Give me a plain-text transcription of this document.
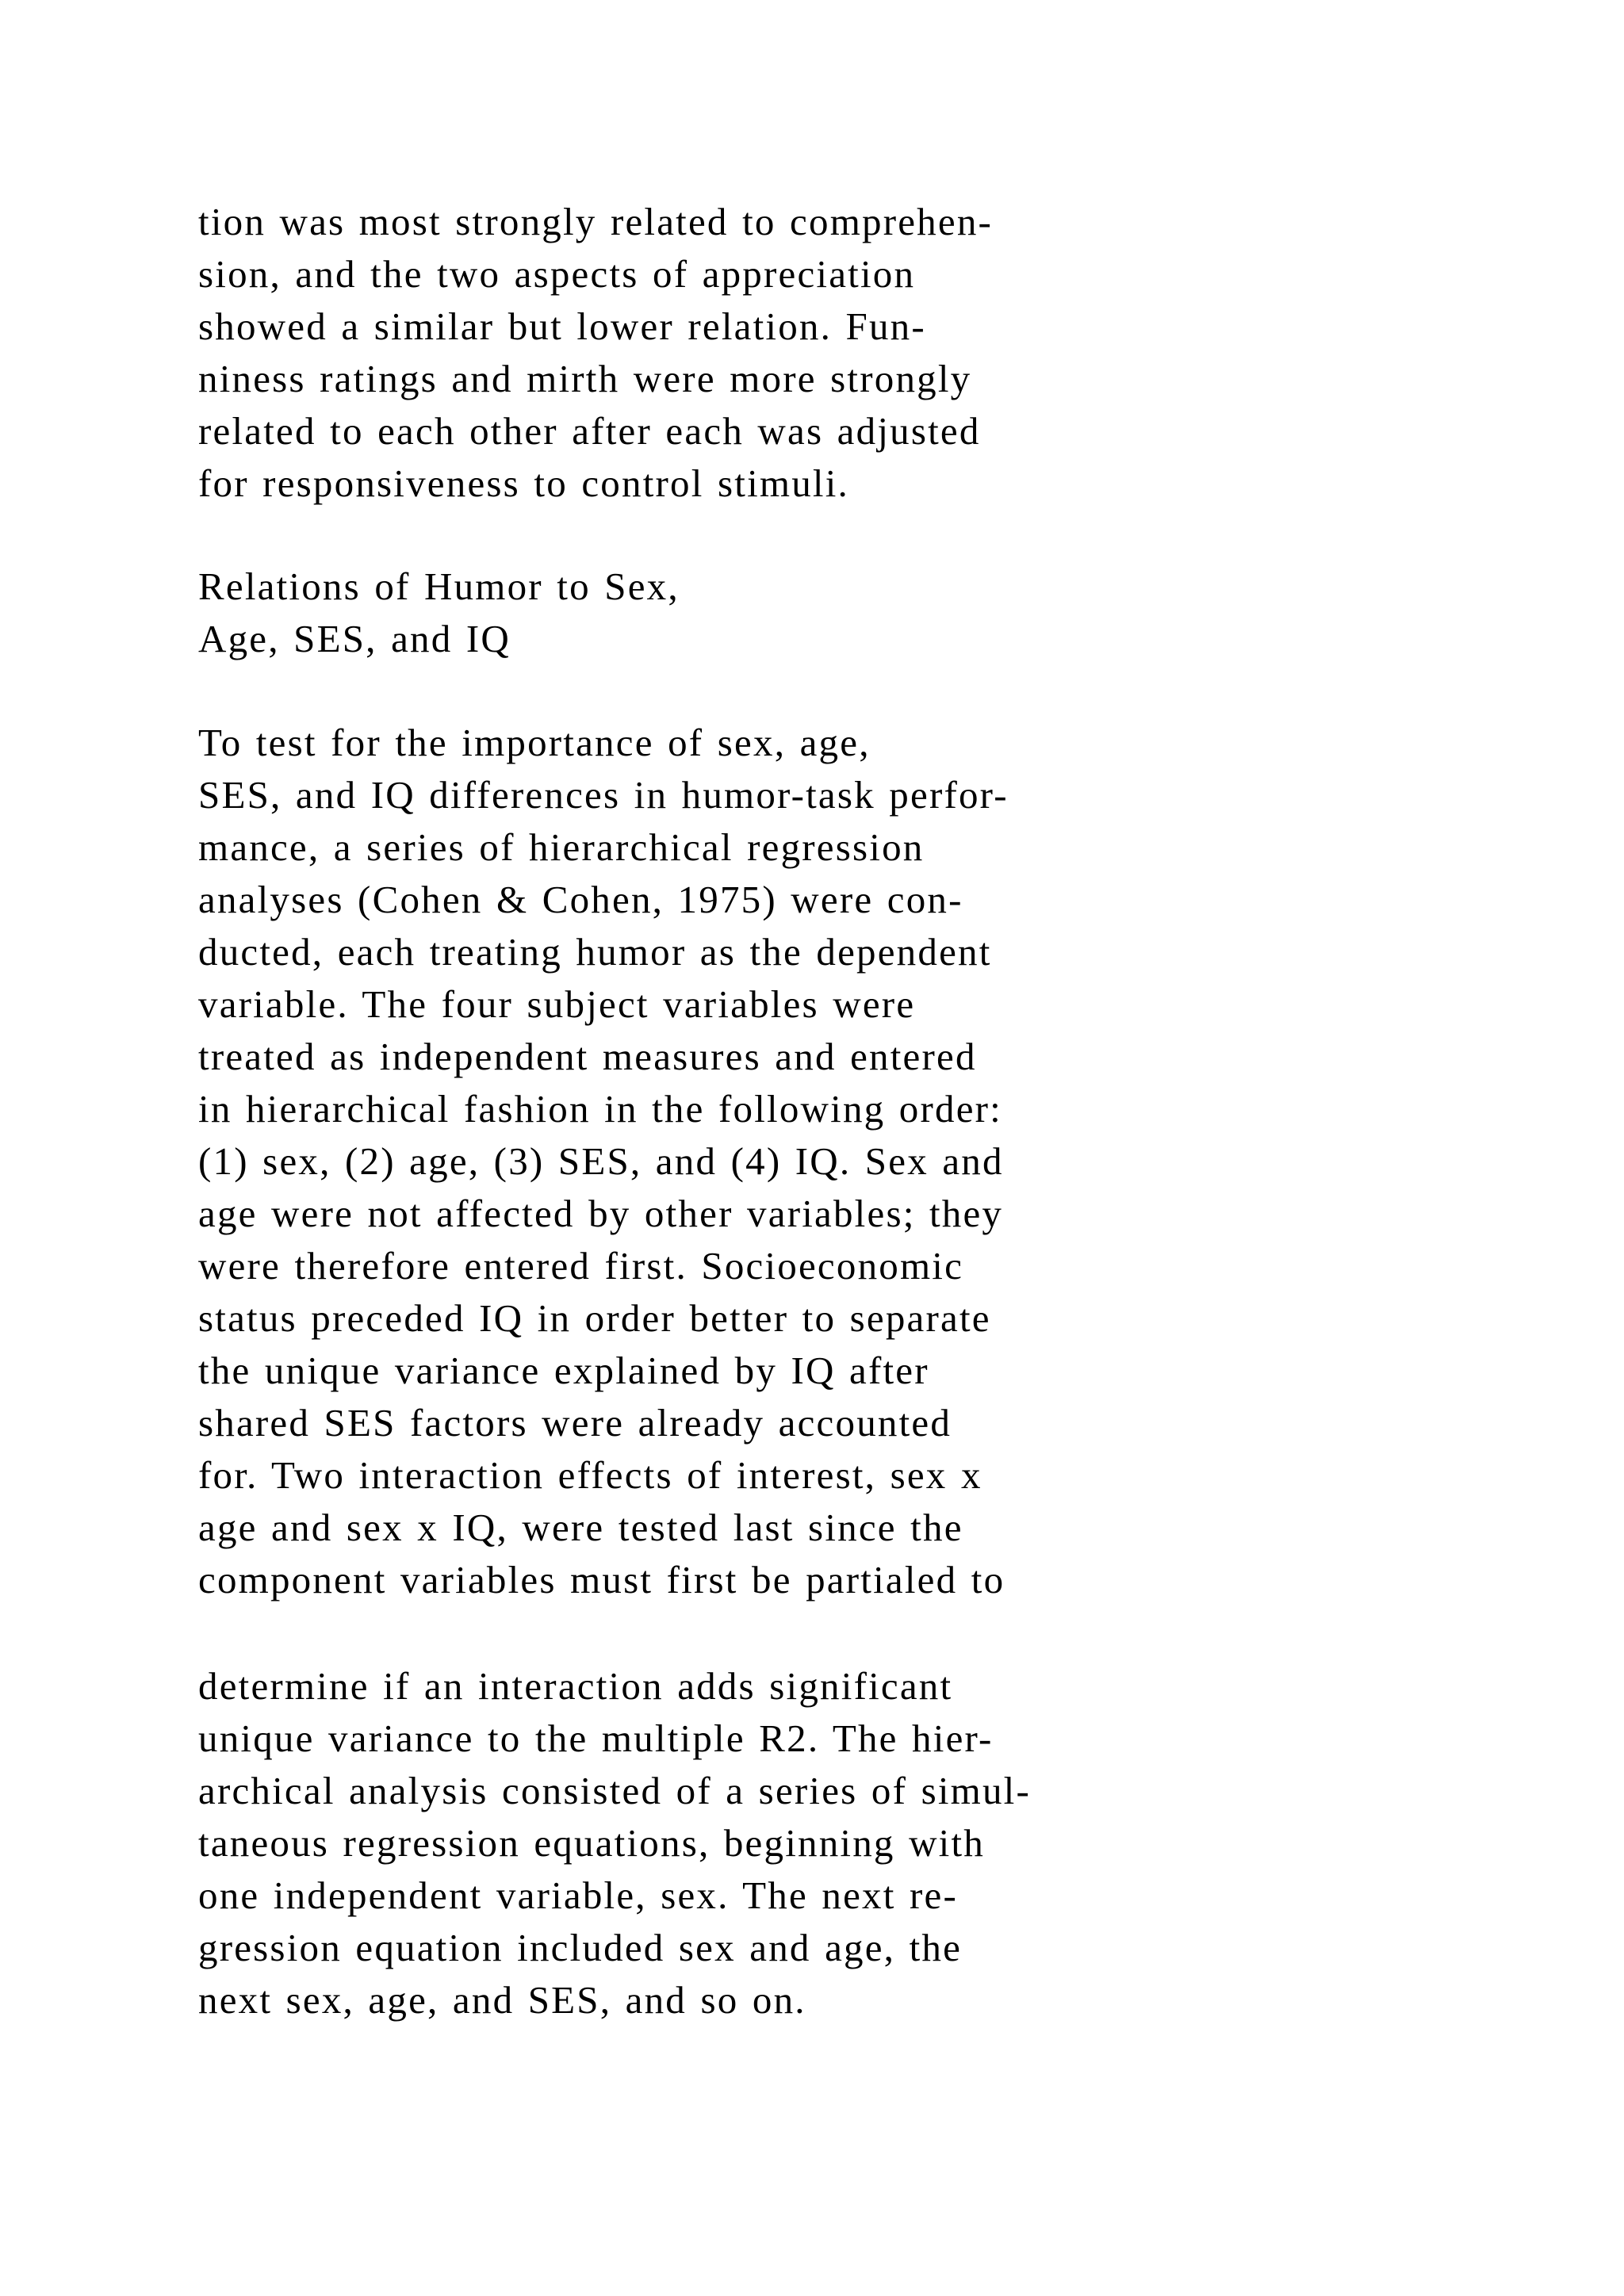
tion was most strongly related to comprehen-
sion, and the two aspects of appreciation
showed a similar but lower relation. Fun-
niness ratings and mirth were more strongly
related to each other after each was adjusted
for responsiveness to control stimuli.
Relations of Humor to Sex,
Age, SES, and IQ
To test for the importance of sex, age,
SES, and IQ differences in humor-task perfor-
mance, a series of hierarchical regression
analyses (Cohen & Cohen, 1975) were con-
ducted, each treating humor as the dependent
variable. The four subject variables were
treated as independent measures and entered
in hierarchical fashion in the following order:
(1) sex, (2) age, (3) SES, and (4) IQ. Sex and
age were not affected by other variables; they
were therefore entered first. Socioeconomic
status preceded IQ in order better to separate
the unique variance explained by IQ after
shared SES factors were already accounted
for. Two interaction effects of interest, sex x
age and sex x IQ, were tested last since the
component variables must first be partialed to
determine if an interaction adds significant
unique variance to the multiple R2. The hier-
archical analysis consisted of a series of simul-
taneous regression equations, beginning with
one independent variable, sex. The next re-
gression equation included sex and age, the
next sex, age, and SES, and so on.
